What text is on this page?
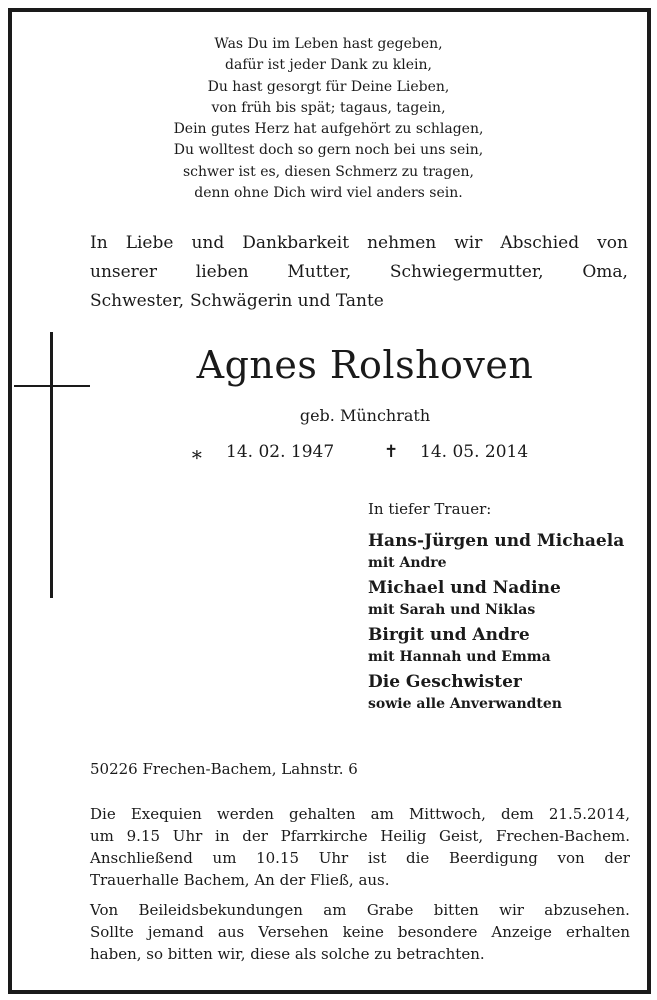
Was Du im Leben hast gegeben,
dafür ist jeder Dank zu klein,
Du hast gesorgt für Deine Lieben,
von früh bis spät; tagaus, tagein,
Dein gutes Herz hat aufgehört zu schlagen,
Du wolltest doch so gern noch bei uns sein,
schwer ist es, diesen Schmerz zu tragen,
denn ohne Dich wird viel anders sein.
In Liebe und Dankbarkeit nehmen wir Abschied von
unserer lieben Mutter, Schwiegermutter, Oma,
Schwester, Schwägerin und Tante
Agnes Rolshoven
geb. Münchrath
∗ 14. 02. 1947	✝ 14. 05. 2014
In tiefer Trauer:
Hans-Jürgen und Michaela
mit Andre
Michael und Nadine
mit Sarah und Niklas
Birgit und Andre
mit Hannah und Emma
Die Geschwister
sowie alle Anverwandten
50226 Frechen-Bachem, Lahnstr. 6
Die Exequien werden gehalten am Mittwoch, dem 21.5.2014,
um 9.15 Uhr in der Pfarrkirche Heilig Geist, Frechen-Bachem.
Anschließend um 10.15 Uhr ist die Beerdigung von der
Trauerhalle Bachem, An der Fließ, aus.
Von Beileidsbekundungen am Grabe bitten wir abzusehen.
Sollte jemand aus Versehen keine besondere Anzeige erhalten
haben, so bitten wir, diese als solche zu betrachten.
